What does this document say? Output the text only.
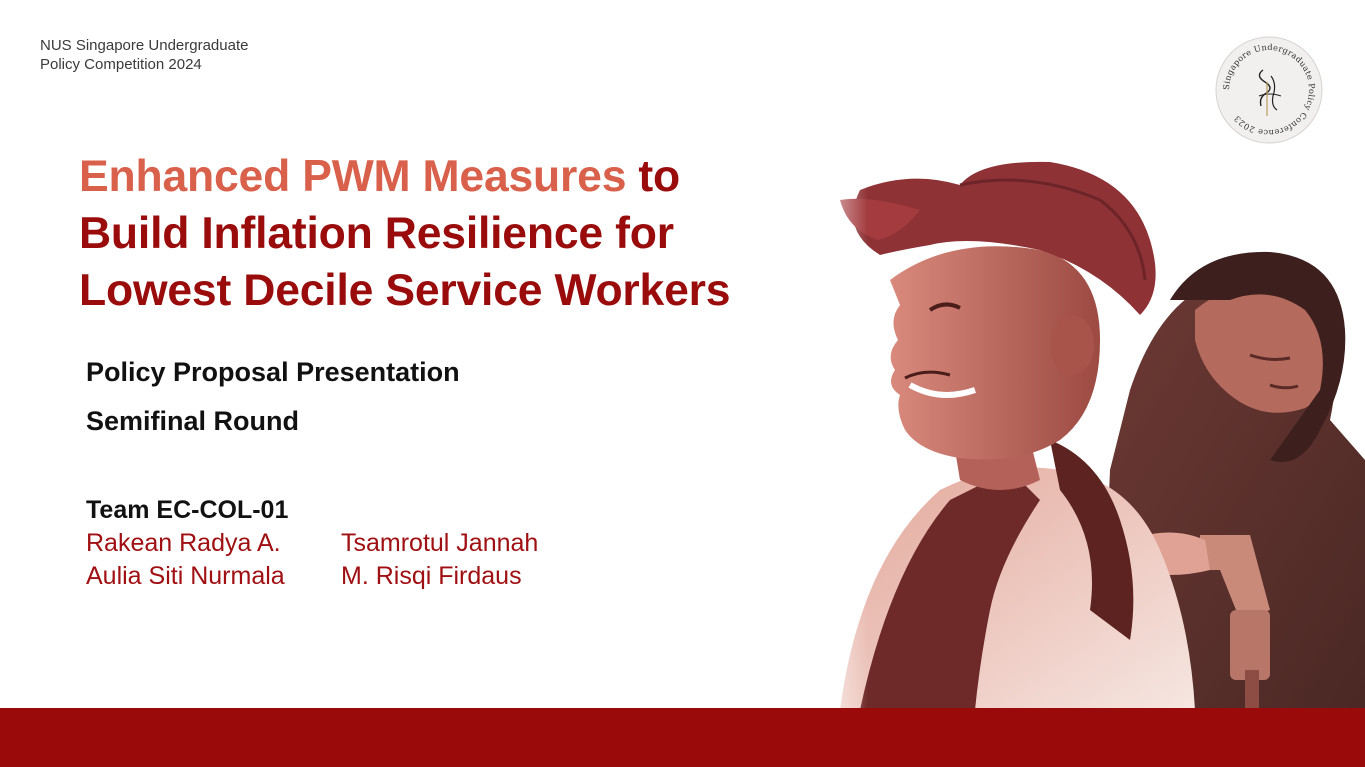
NUS Singapore Undergraduate
Policy Competition 2024
Enhanced PWM Measures to
Build Inflation Resilience for
Lowest Decile Service Workers
Policy Proposal Presentation
Semifinal Round
Team EC-COL-01
Rakean Radya A. Tsamrotul Jannah
Aulia Siti Nurmala M. Risqi Firdaus
Singapore Undergraduate Policy Conference 2023
